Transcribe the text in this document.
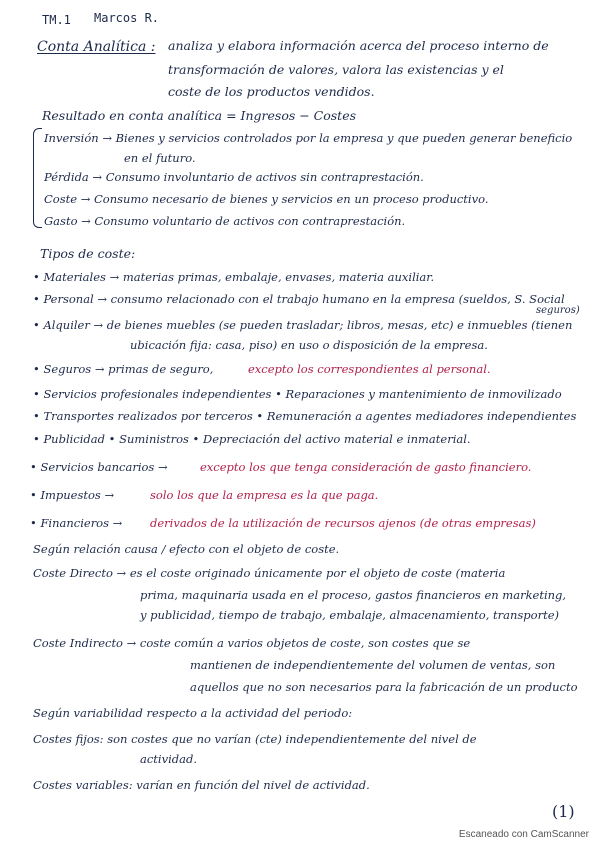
TM.1 Marcos R.
Conta Analítica : analiza y elabora información acerca del proceso interno de
transformación de valores, valora las existencias y el
coste de los productos vendidos.
Resultado en conta analítica = Ingresos − Costes
Inversión → Bienes y servicios controlados por la empresa y que pueden generar beneficio
en el futuro.
Pérdida → Consumo involuntario de activos sin contraprestación.
Coste → Consumo necesario de bienes y servicios en un proceso productivo.
Gasto → Consumo voluntario de activos con contraprestación.
Tipos de coste:
• Materiales → materias primas, embalaje, envases, materia auxiliar.
• Personal → consumo relacionado con el trabajo humano en la empresa (sueldos, S. Social
seguros)
• Alquiler → de bienes muebles (se pueden trasladar; libros, mesas, etc) e inmuebles (tienen
ubicación fija: casa, piso) en uso o disposición de la empresa.
• Seguros → primas de seguro,	excepto los correspondientes al personal.
• Servicios profesionales independientes • Reparaciones y mantenimiento de inmovilizado
• Transportes realizados por terceros • Remuneración a agentes mediadores independientes
• Publicidad • Suministros • Depreciación del activo material e inmaterial.
• Servicios bancarios →	excepto los que tenga consideración de gasto financiero.
• Impuestos →	solo los que la empresa es la que paga.
• Financieros → derivados de la utilización de recursos ajenos (de otras empresas)
Según relación causa / efecto con el objeto de coste.
Coste Directo → es el coste originado únicamente por el objeto de coste (materia
prima, maquinaria usada en el proceso, gastos financieros en marketing,
y publicidad, tiempo de trabajo, embalaje, almacenamiento, transporte)
Coste Indirecto → coste común a varios objetos de coste, son costes que se
mantienen de independientemente del volumen de ventas, son
aquellos que no son necesarios para la fabricación de un producto
Según variabilidad respecto a la actividad del periodo:
Costes fijos: son costes que no varían (cte) independientemente del nivel de
actividad.
Costes variables: varían en función del nivel de actividad.
(1)
Escaneado con CamScanner
